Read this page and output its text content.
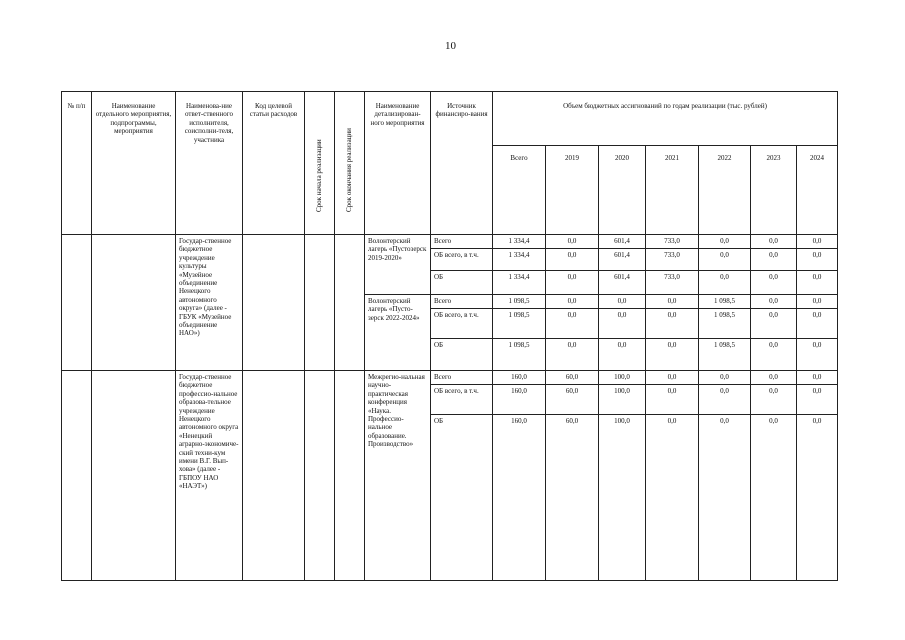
10
№ п/п	Наименование отдельного мероприятия, подпрограммы, мероприятия	Наименова-ние ответ-ственного исполнителя, соисполни-теля, участника	Код целевой статьи расходов	Срок начала реализации	Срок окончания реализации	Наименование детализирован-ного мероприятия	Источник финансиро-вания	Объем бюджетных ассигнований по годам реализации (тыс. рублей)						
								Всего	2019	2020	2021	2022	2023	2024
		Государ-ственное бюджетное учреждение культуры «Музейное объединение Ненецкого автономного округа» (далее - ГБУК «Музейное объединение НАО»)				Волонтерский лагерь «Пустозерск 2019-2020»	Всего	1 334,4	0,0	601,4	733,0	0,0	0,0	0,0
							ОБ всего, в т.ч.	1 334,4	0,0	601,4	733,0	0,0	0,0	0,0
							ОБ	1 334,4	0,0	601,4	733,0	0,0	0,0	0,0
						Волонтерский лагерь «Пусто-зерск 2022-2024»	Всего	1 098,5	0,0	0,0	0,0	1 098,5	0,0	0,0
							ОБ всего, в т.ч.	1 098,5	0,0	0,0	0,0	1 098,5	0,0	0,0
							ОБ	1 098,5	0,0	0,0	0,0	1 098,5	0,0	0,0
		Государ-ственное бюджетное профессио-нальное образова-тельное учреждение Ненецкого автономного округа «Ненецкий аграрно-экономиче-ский техни-кум имени В.Г. Вып-хова» (далее - ГБПОУ НАО «НАЭТ»)				Межрегио-нальная научно-практическая конференция «Наука. Профессио-нальное образование. Производство»	Всего	160,0	60,0	100,0	0,0	0,0	0,0	0,0
							ОБ всего, в т.ч.	160,0	60,0	100,0	0,0	0,0	0,0	0,0
							ОБ	160,0	60,0	100,0	0,0	0,0	0,0	0,0
